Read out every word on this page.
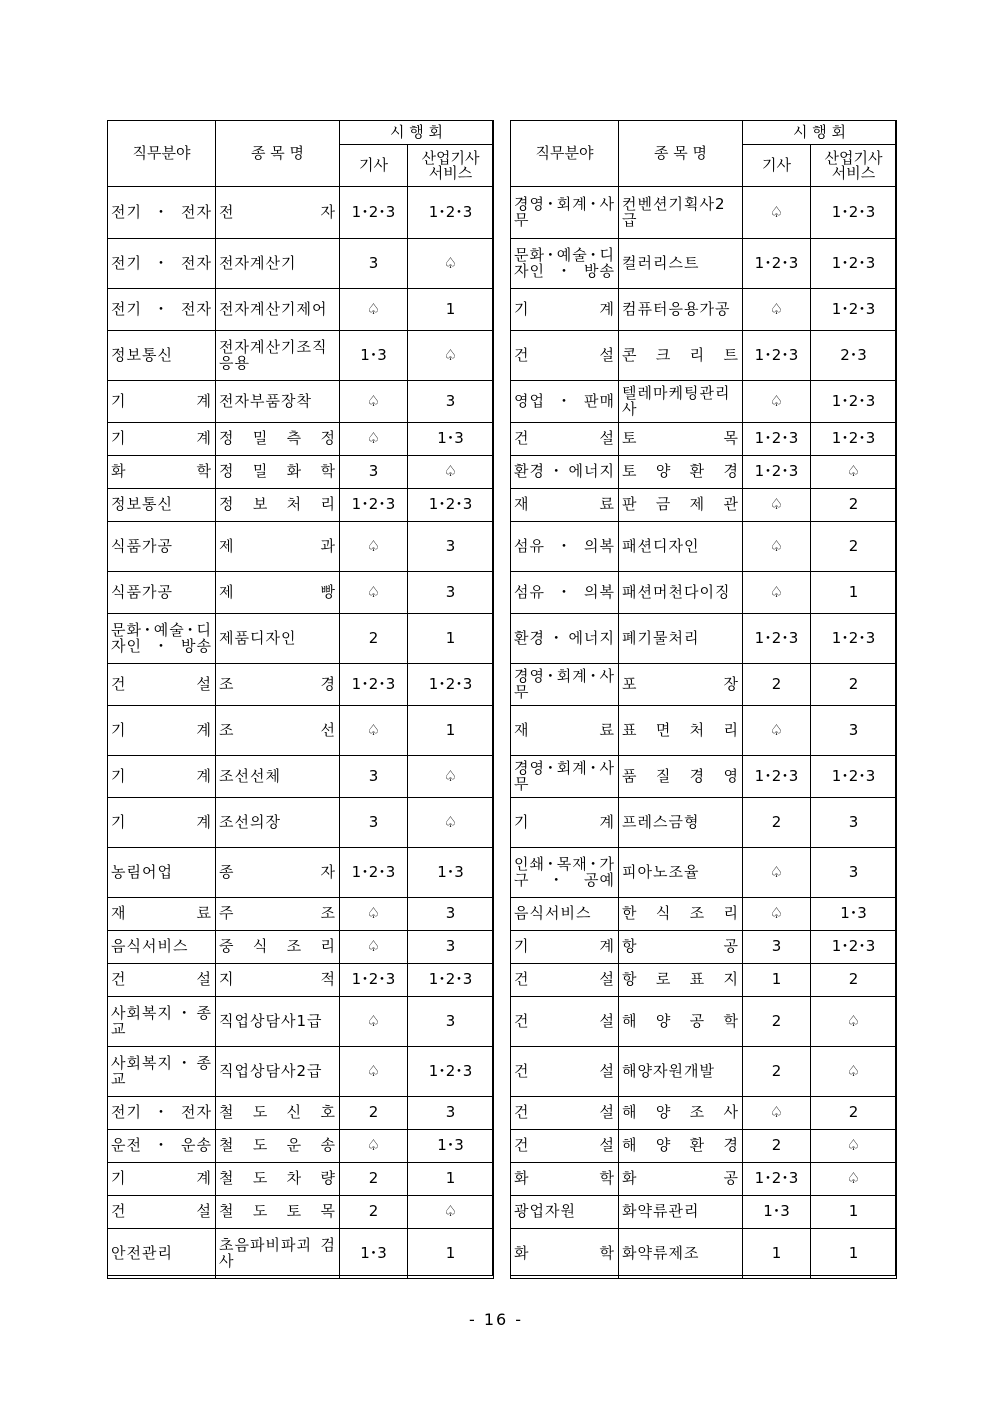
직무분야	종 목 명	시 행 회	
		기사	산업기사
서비스

전기･전자	전 자	1･2･3	1･2･3
전기･전자	전자계산기	3	♤
전기･전자	전자계산기제어	♤	1
정보통신	전자계산기조직 응용	1･3	♤
기 계	전자부품장착	♤	3
기 계	정 밀 측 정	♤	1･3
화 학	정 밀 화 학	3	♤
정보통신	정 보 처 리	1･2･3	1･2･3
식품가공	제 과	♤	3
식품가공	제 빵	♤	3
문화･예술･디자인･방송	제품디자인	2	1
건 설	조 경	1･2･3	1･2･3
기 계	조 선	♤	1
기 계	조선선체	3	♤
기 계	조선의장	3	♤
농림어업	종 자	1･2･3	1･3
재 료	주 조	♤	3
음식서비스	중 식 조 리	♤	3
건 설	지 적	1･2･3	1･2･3
사회복지･종교	직업상담사1급	♤	3
사회복지･종교	직업상담사2급	♤	1･2･3
전기･전자	철 도 신 호	2	3
운전･운송	철 도 운 송	♤	1･3
기 계	철 도 차 량	2	1
건 설	철 도 토 목	2	♤
안전관리	초음파비파괴 검사	1･3	1
직무분야	종 목 명	시 행 회	
		기사	산업기사
서비스

경영･회계･사무	컨벤션기획사2급	♤	1･2･3
문화･예술･디자인･방송	컬러리스트	1･2･3	1･2･3
기 계	컴퓨터응용가공	♤	1･2･3
건 설	콘 크 리 트	1･2･3	2･3
영업･판매	텔레마케팅관리 사	♤	1･2･3
건 설	토 목	1･2･3	1･2･3
환경･에너지	토 양 환 경	1･2･3	♤
재 료	판 금 제 관	♤	2
섬유･의복	패션디자인	♤	2
섬유･의복	패션머천다이징	♤	1
환경･에너지	폐기물처리	1･2･3	1･2･3
경영･회계･사무	포 장	2	2
재 료	표 면 처 리	♤	3
경영･회계･사무	품 질 경 영	1･2･3	1･2･3
기 계	프레스금형	2	3
인쇄･목재･가구･공예	피아노조율	♤	3
음식서비스	한 식 조 리	♤	1･3
기 계	항 공	3	1･2･3
건 설	항 로 표 지	1	2
건 설	해 양 공 학	2	♤
건 설	해양자원개발	2	♤
건 설	해 양 조 사	♤	2
건 설	해 양 환 경	2	♤
화 학	화 공	1･2･3	♤
광업자원	화약류관리	1･3	1
화 학	화약류제조	1	1
- 16 -
